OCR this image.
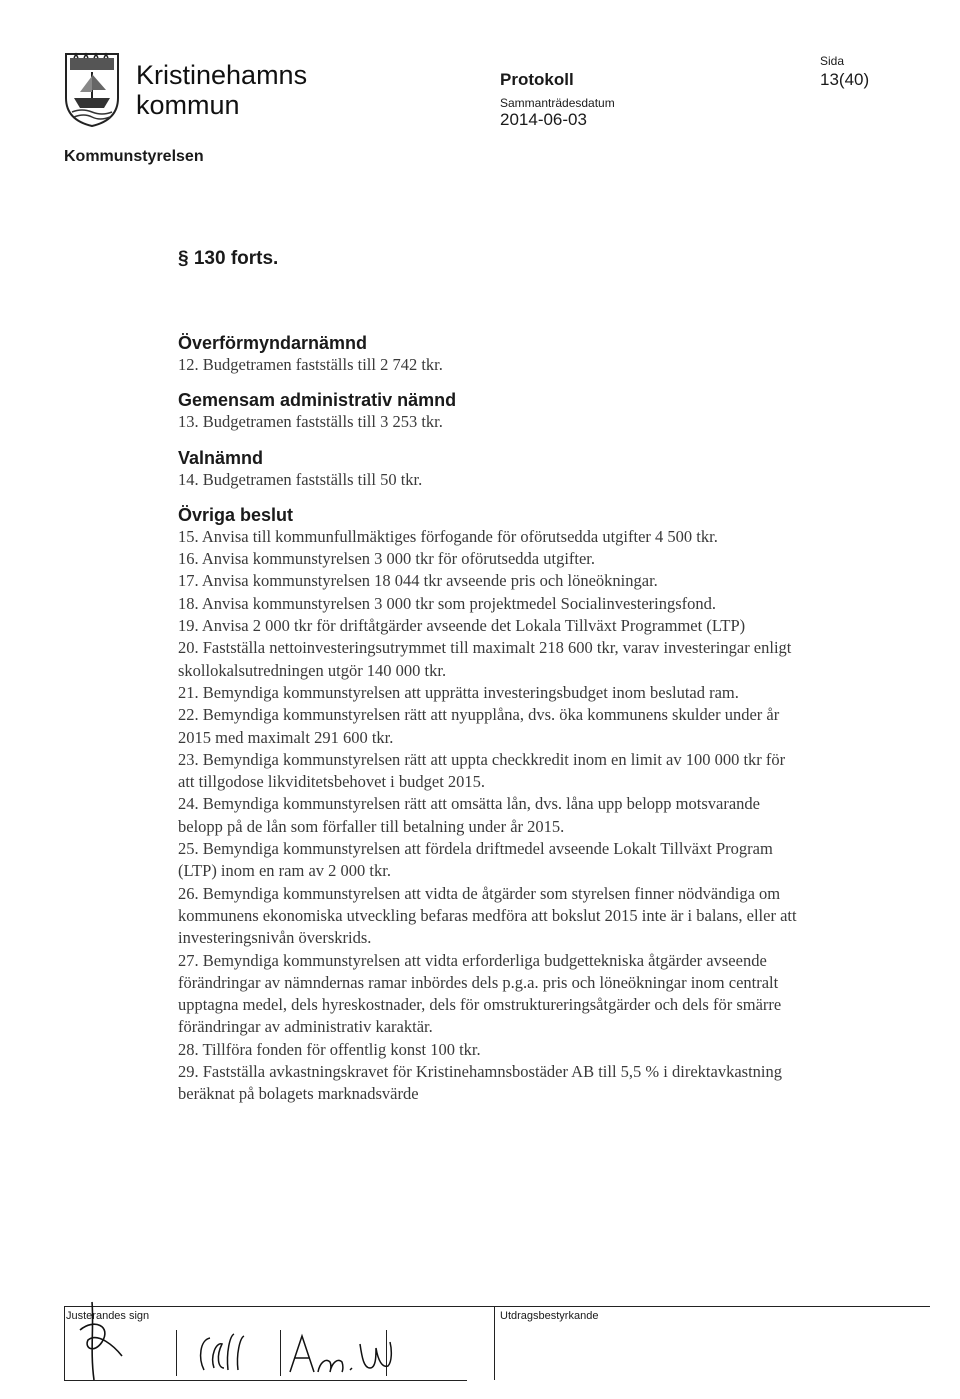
Kristinehamns
kommun
Protokoll
Sammanträdesdatum
2014-06-03
Sida
13(40)
Kommunstyrelsen
§ 130 forts.
Överförmyndarnämnd
12. Budgetramen fastställs till 2 742 tkr.
Gemensam administrativ nämnd
13. Budgetramen fastställs till 3 253 tkr.
Valnämnd
14. Budgetramen fastställs till 50 tkr.
Övriga beslut
15. Anvisa till kommunfullmäktiges förfogande för oförutsedda utgifter 4 500 tkr.
16. Anvisa kommunstyrelsen 3 000 tkr för oförutsedda utgifter.
17. Anvisa kommunstyrelsen 18 044 tkr avseende pris och löneökningar.
18. Anvisa kommunstyrelsen 3 000 tkr som projektmedel Socialinvesteringsfond.
19. Anvisa 2 000 tkr för driftåtgärder avseende det Lokala Tillväxt Programmet (LTP)
20. Fastställa nettoinvesteringsutrymmet till maximalt 218 600 tkr, varav investeringar enligt skollokalsutredningen utgör 140 000 tkr.
21. Bemyndiga kommunstyrelsen att upprätta investeringsbudget inom beslutad ram.
22. Bemyndiga kommunstyrelsen rätt att nyupplåna, dvs. öka kommunens skulder under år 2015 med maximalt 291 600 tkr.
23. Bemyndiga kommunstyrelsen rätt att uppta checkkredit inom en limit av 100 000 tkr för att tillgodose likviditetsbehovet i budget 2015.
24. Bemyndiga kommunstyrelsen rätt att omsätta lån, dvs. låna upp belopp motsvarande belopp på de lån som förfaller till betalning under år 2015.
25. Bemyndiga kommunstyrelsen att fördela driftmedel avseende Lokalt Tillväxt Program (LTP) inom en ram av 2 000 tkr.
26. Bemyndiga kommunstyrelsen att vidta de åtgärder som styrelsen finner nödvändiga om kommunens ekonomiska utveckling befaras medföra att bokslut 2015 inte är i balans, eller att investeringsnivån överskrids.
27. Bemyndiga kommunstyrelsen att vidta erforderliga budgettekniska åtgärder avseende förändringar av nämndernas ramar inbördes dels p.g.a. pris och löneökningar inom centralt upptagna medel, dels hyreskostnader, dels för omstruktureringsåtgärder och dels för smärre förändringar av administrativ karaktär.
28. Tillföra fonden för offentlig konst 100 tkr.
29. Fastställa avkastningskravet för Kristinehamnsbostäder AB till 5,5 % i direktavkastning beräknat på bolagets marknadsvärde
Justerandes sign	Utdragsbestyrkande
